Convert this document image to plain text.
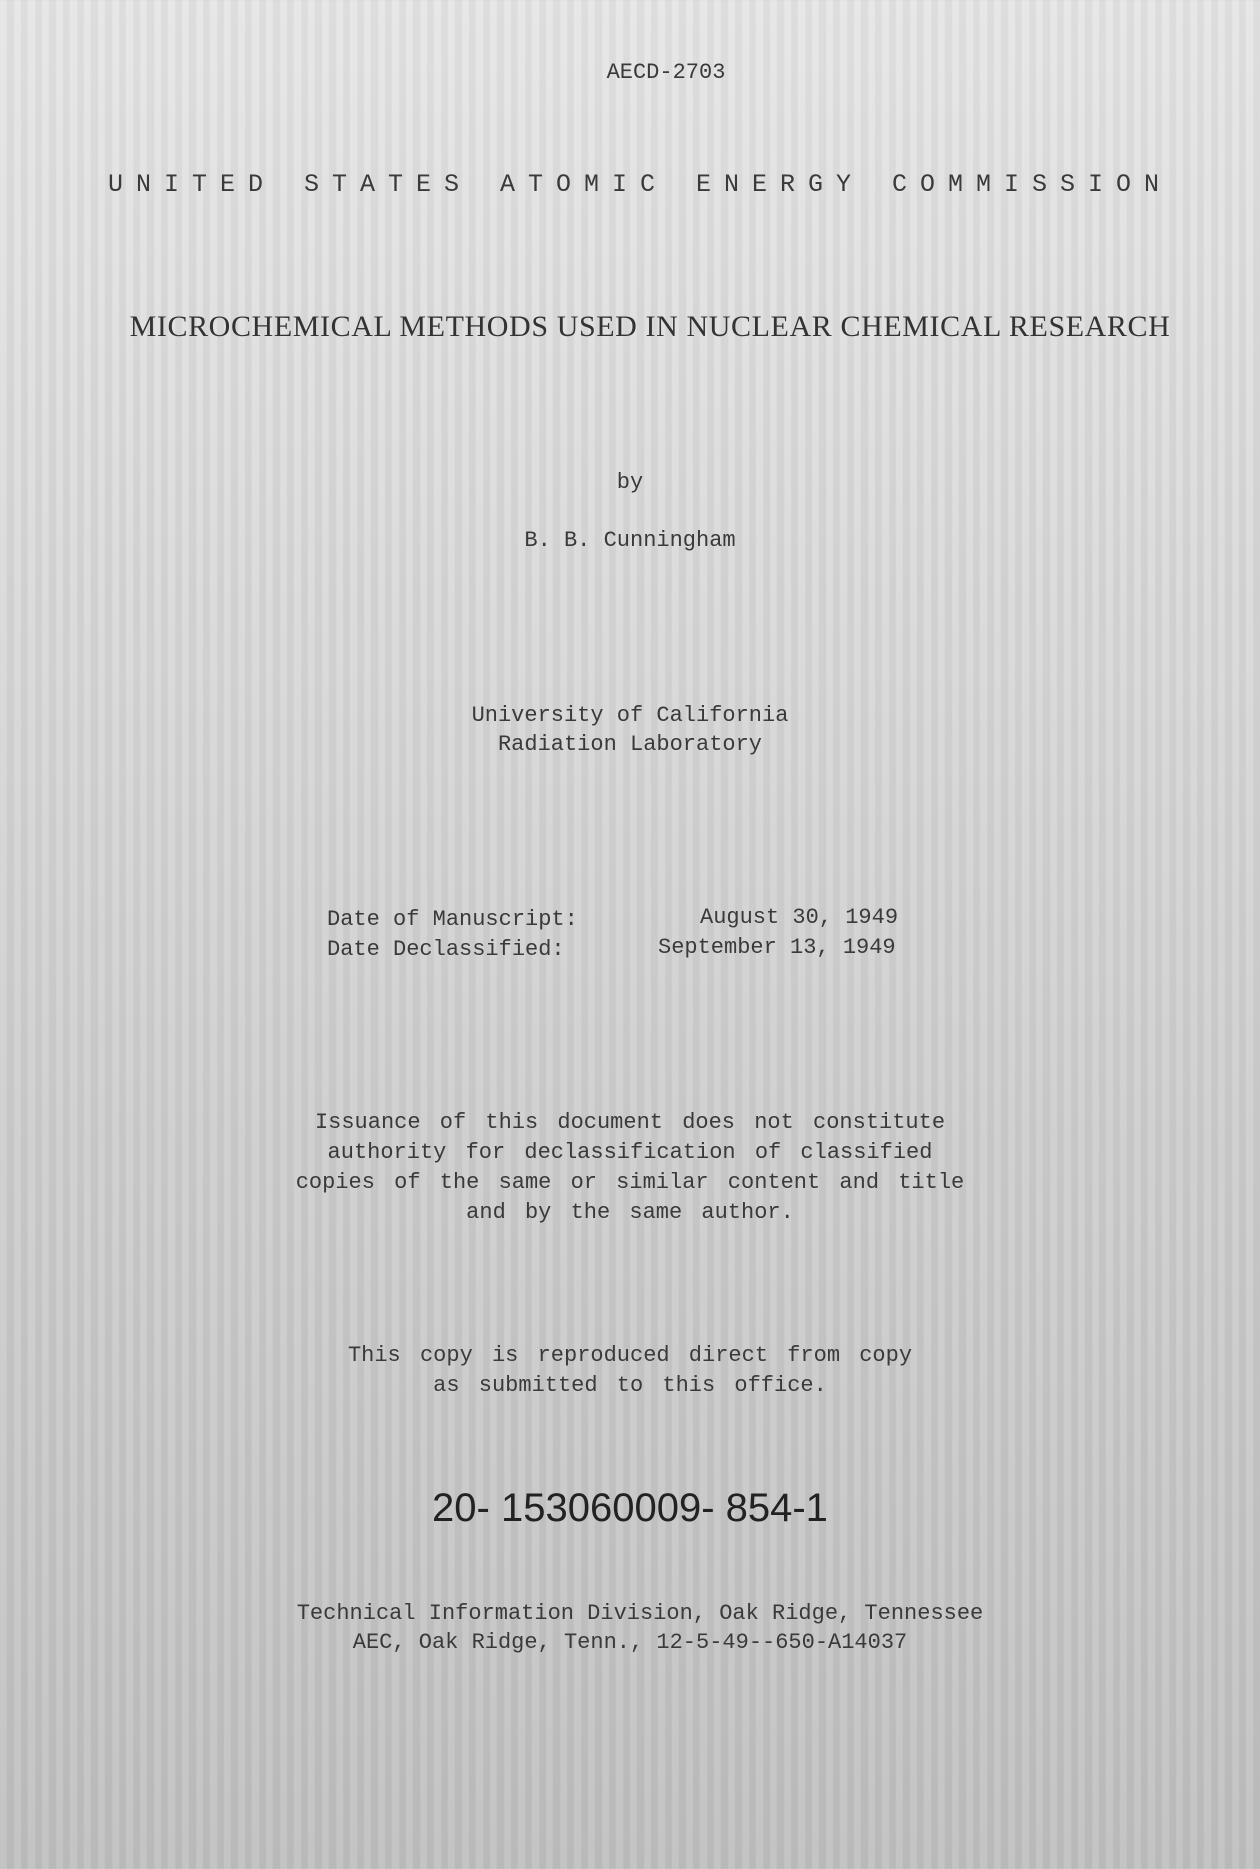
AECD-2703
UNITED STATES ATOMIC ENERGY COMMISSION
MICROCHEMICAL METHODS USED IN NUCLEAR CHEMICAL RESEARCH
by
B. B. Cunningham
University of California
Radiation Laboratory
Date of Manuscript:	August 30, 1949
Date Declassified:	September 13, 1949
Issuance of this document does not constitute
authority for declassification of classified
copies of the same or similar content and title
and by the same author.
This copy is reproduced direct from copy
as submitted to this office.
20- 153060009- 854-1
Technical Information Division, Oak Ridge, Tennessee
AEC, Oak Ridge, Tenn., 12-5-49--650-A14037
